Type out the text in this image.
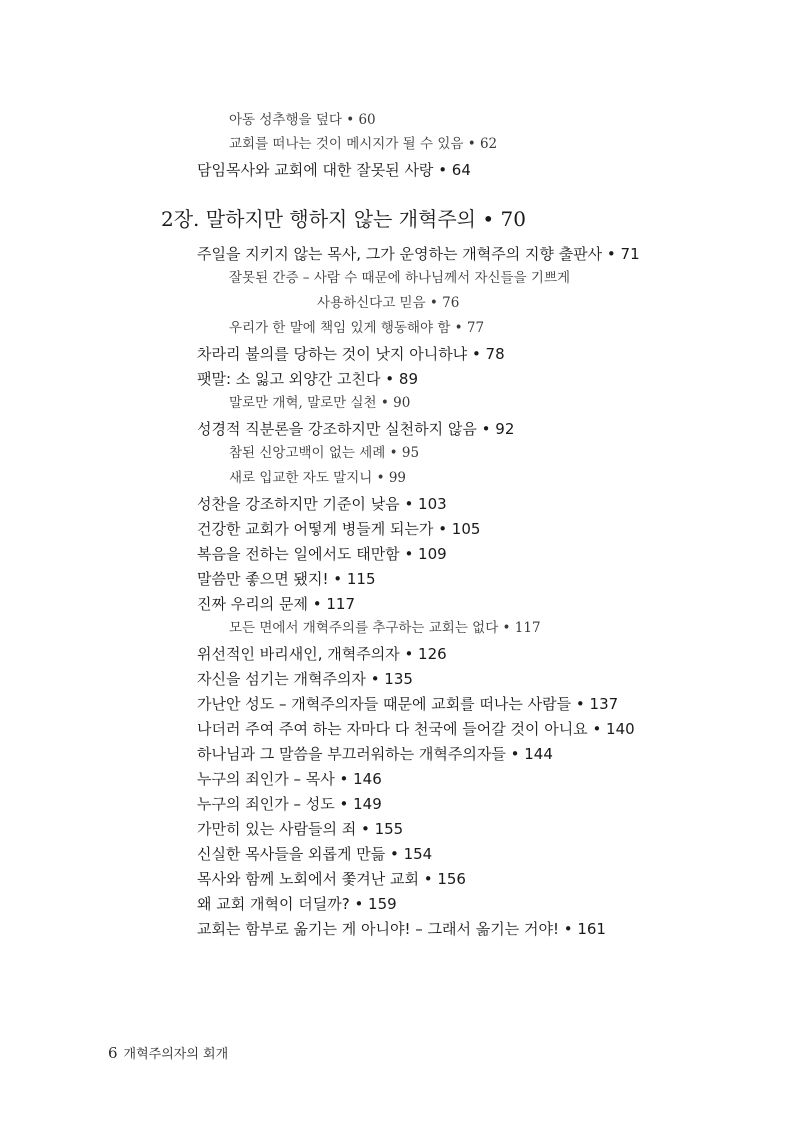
아동 성추행을 덮다 • 60
교회를 떠나는 것이 메시지가 될 수 있음 • 62
담임목사와 교회에 대한 잘못된 사랑 • 64
2장. 말하지만 행하지 않는 개혁주의 • 70
주일을 지키지 않는 목사, 그가 운영하는 개혁주의 지향 출판사 • 71
잘못된 간증 – 사람 수 때문에 하나님께서 자신들을 기쁘게
사용하신다고 믿음 • 76
우리가 한 말에 책임 있게 행동해야 함 • 77
차라리 불의를 당하는 것이 낫지 아니하냐 • 78
팻말: 소 잃고 외양간 고친다 • 89
말로만 개혁, 말로만 실천 • 90
성경적 직분론을 강조하지만 실천하지 않음 • 92
참된 신앙고백이 없는 세례 • 95
새로 입교한 자도 말지니 • 99
성찬을 강조하지만 기준이 낮음 • 103
건강한 교회가 어떻게 병들게 되는가 • 105
복음을 전하는 일에서도 태만함 • 109
말씀만 좋으면 됐지! • 115
진짜 우리의 문제 • 117
모든 면에서 개혁주의를 추구하는 교회는 없다 • 117
위선적인 바리새인, 개혁주의자 • 126
자신을 섬기는 개혁주의자 • 135
가난안 성도 – 개혁주의자들 때문에 교회를 떠나는 사람들 • 137
나더러 주여 주여 하는 자마다 다 천국에 들어갈 것이 아니요 • 140
하나님과 그 말씀을 부끄러워하는 개혁주의자들 • 144
누구의 죄인가 – 목사 • 146
누구의 죄인가 – 성도 • 149
가만히 있는 사람들의 죄 • 155
신실한 목사들을 외롭게 만듦 • 154
목사와 함께 노회에서 쫓겨난 교회 • 156
왜 교회 개혁이 더딜까? • 159
교회는 함부로 옮기는 게 아니야! – 그래서 옮기는 거야! • 161
6 개혁주의자의 회개
